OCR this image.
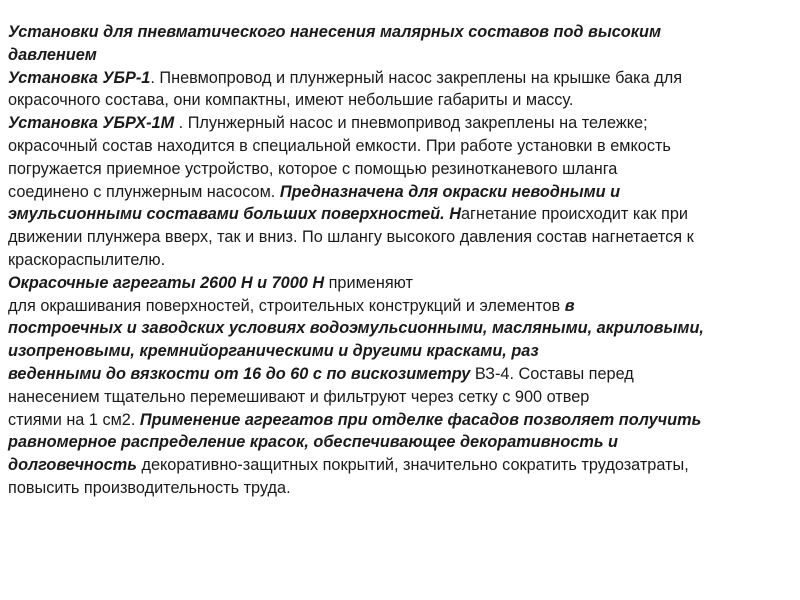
Установки для пневматического нанесения малярных составов под высоким
давлением
Установка УБР-1. Пневмопровод и плунжерный насос закреплены на крышке бака для
окрасочного состава, они компактны, имеют небольшие габариты и массу.
Установка УБРХ-1М . Плунжерный насос и пневмопривод закреплены на тележке;
окрасочный состав находится в специальной емкости. При работе установки в емкость
погружается приемное устройство, которое с помощью резинотканевого шланга
соединено с плунжерным насосом. Предназначена для окраски неводными и
эмульсионными составами больших поверхностей. Нагнетание происходит как при
движении плунжера вверх, так и вниз. По шлангу высокого давления состав нагнетается к
краскораспылителю.
Окрасочные агрегаты 2600 Н и 7000 Н применяют
для окрашивания поверхностей, строительных конструкций и элементов в
построечных и заводских условиях водоэмульсионными, масляными, акриловыми,
изопреновыми, кремнийорганическими и другими красками, раз
веденными до вязкости от 16 до 60 с по вискозиметру ВЗ-4. Составы перед
нанесением тщательно перемешивают и фильтруют через сетку с 900 отвер
стиями на 1 см2. Применение агрегатов при отделке фасадов позволяет получить
равномерное распределение красок, обеспечивающее декоративность и
долговечность декоративно-защитных покрытий, значительно сократить трудозатраты,
повысить производительность труда.
